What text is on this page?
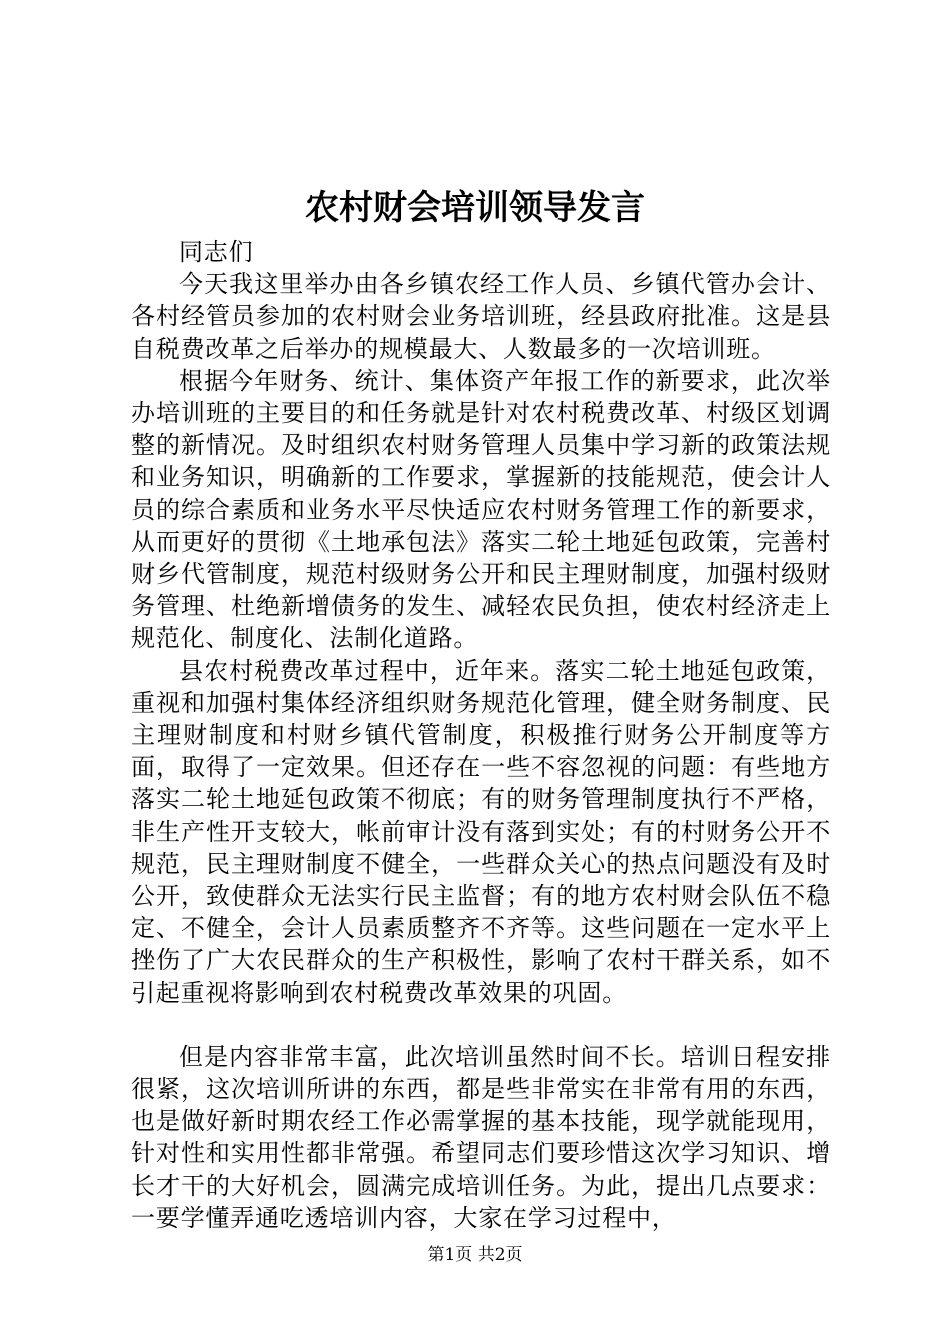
农村财会培训领导发言

同志们

今天我这里举办由各乡镇农经工作人员、乡镇代管办会计、各村经管员参加的农村财会业务培训班，经县政府批准。这是县自税费改革之后举办的规模最大、人数最多的一次培训班。

根据今年财务、统计、集体资产年报工作的新要求，此次举办培训班的主要目的和任务就是针对农村税费改革、村级区划调整的新情况。及时组织农村财务管理人员集中学习新的政策法规和业务知识，明确新的工作要求，掌握新的技能规范，使会计人员的综合素质和业务水平尽快适应农村财务管理工作的新要求，从而更好的贯彻《土地承包法》落实二轮土地延包政策，完善村财乡代管制度，规范村级财务公开和民主理财制度，加强村级财务管理、杜绝新增债务的发生、减轻农民负担，使农村经济走上规范化、制度化、法制化道路。

县农村税费改革过程中，近年来。落实二轮土地延包政策，重视和加强村集体经济组织财务规范化管理，健全财务制度、民主理财制度和村财乡镇代管制度，积极推行财务公开制度等方面，取得了一定效果。但还存在一些不容忽视的问题：有些地方落实二轮土地延包政策不彻底；有的财务管理制度执行不严格，非生产性开支较大，帐前审计没有落到实处；有的村财务公开不规范，民主理财制度不健全，一些群众关心的热点问题没有及时公开，致使群众无法实行民主监督；有的地方农村财会队伍不稳定、不健全，会计人员素质整齐不齐等。这些问题在一定水平上挫伤了广大农民群众的生产积极性，影响了农村干群关系，如不引起重视将影响到农村税费改革效果的巩固。

但是内容非常丰富，此次培训虽然时间不长。培训日程安排很紧，这次培训所讲的东西，都是些非常实在非常有用的东西，也是做好新时期农经工作必需掌握的基本技能，现学就能现用，针对性和实用性都非常强。希望同志们要珍惜这次学习知识、增长才干的大好机会，圆满完成培训任务。为此，提出几点要求：一要学懂弄通吃透培训内容，大家在学习过程中，

第1页 共2页
